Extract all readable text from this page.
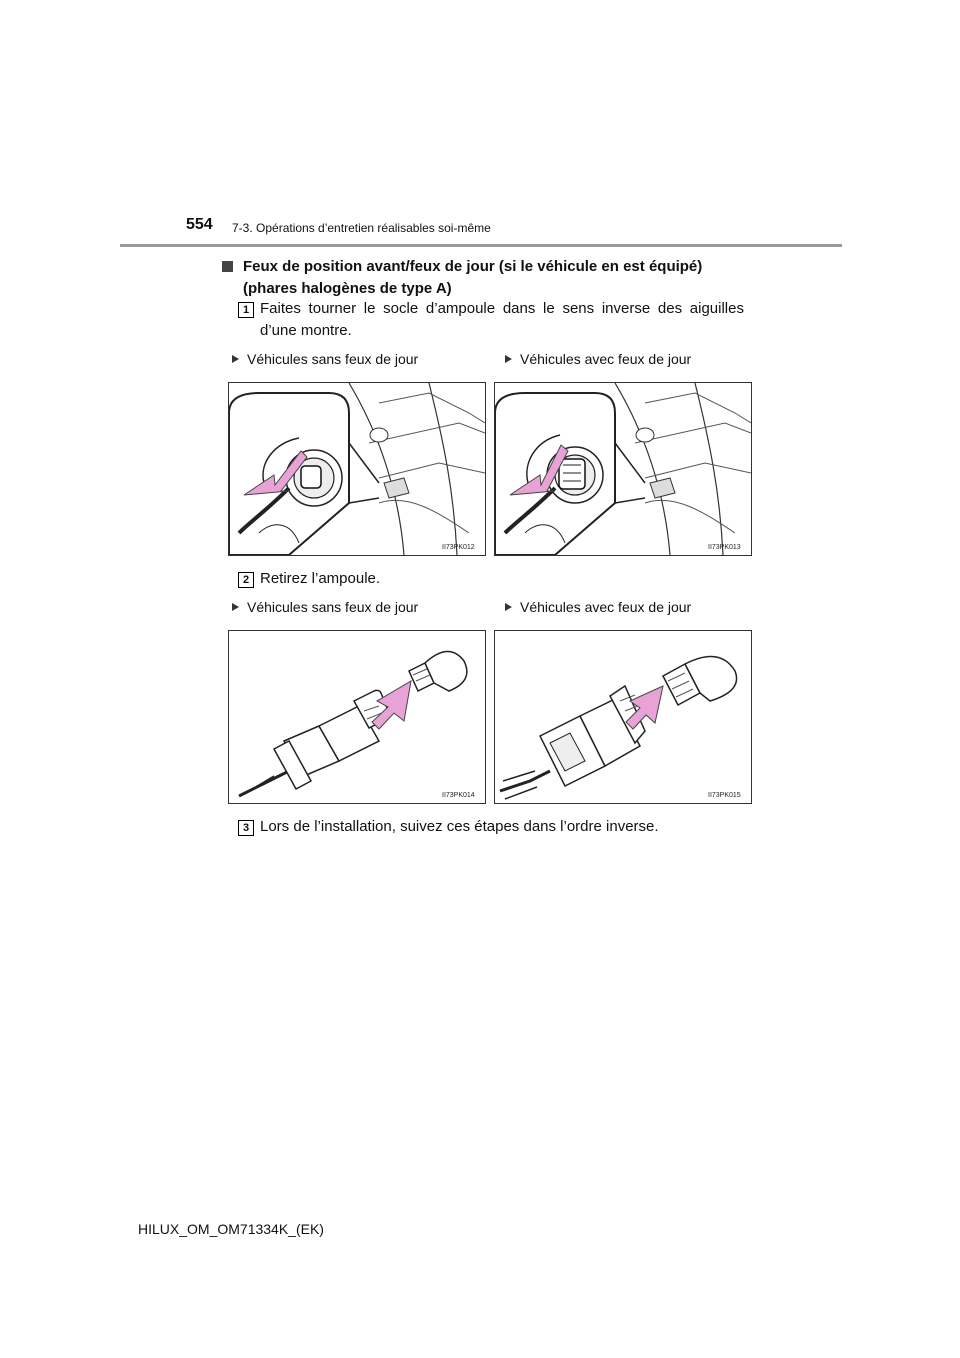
554 7-3. Opérations d’entretien réalisables soi-même
Feux de position avant/feux de jour (si le véhicule en est équipé)
(phares halogènes de type A)
1 Faites tourner le socle d’ampoule dans le sens inverse des aiguilles d’une montre.
Véhicules sans feux de jour	Véhicules avec feux de jour
II73PK012	II73PK013
2 Retirez l’ampoule.
Véhicules sans feux de jour	Véhicules avec feux de jour
II73PK014	II73PK015
3 Lors de l’installation, suivez ces étapes dans l’ordre inverse.
HILUX_OM_OM71334K_(EK)
